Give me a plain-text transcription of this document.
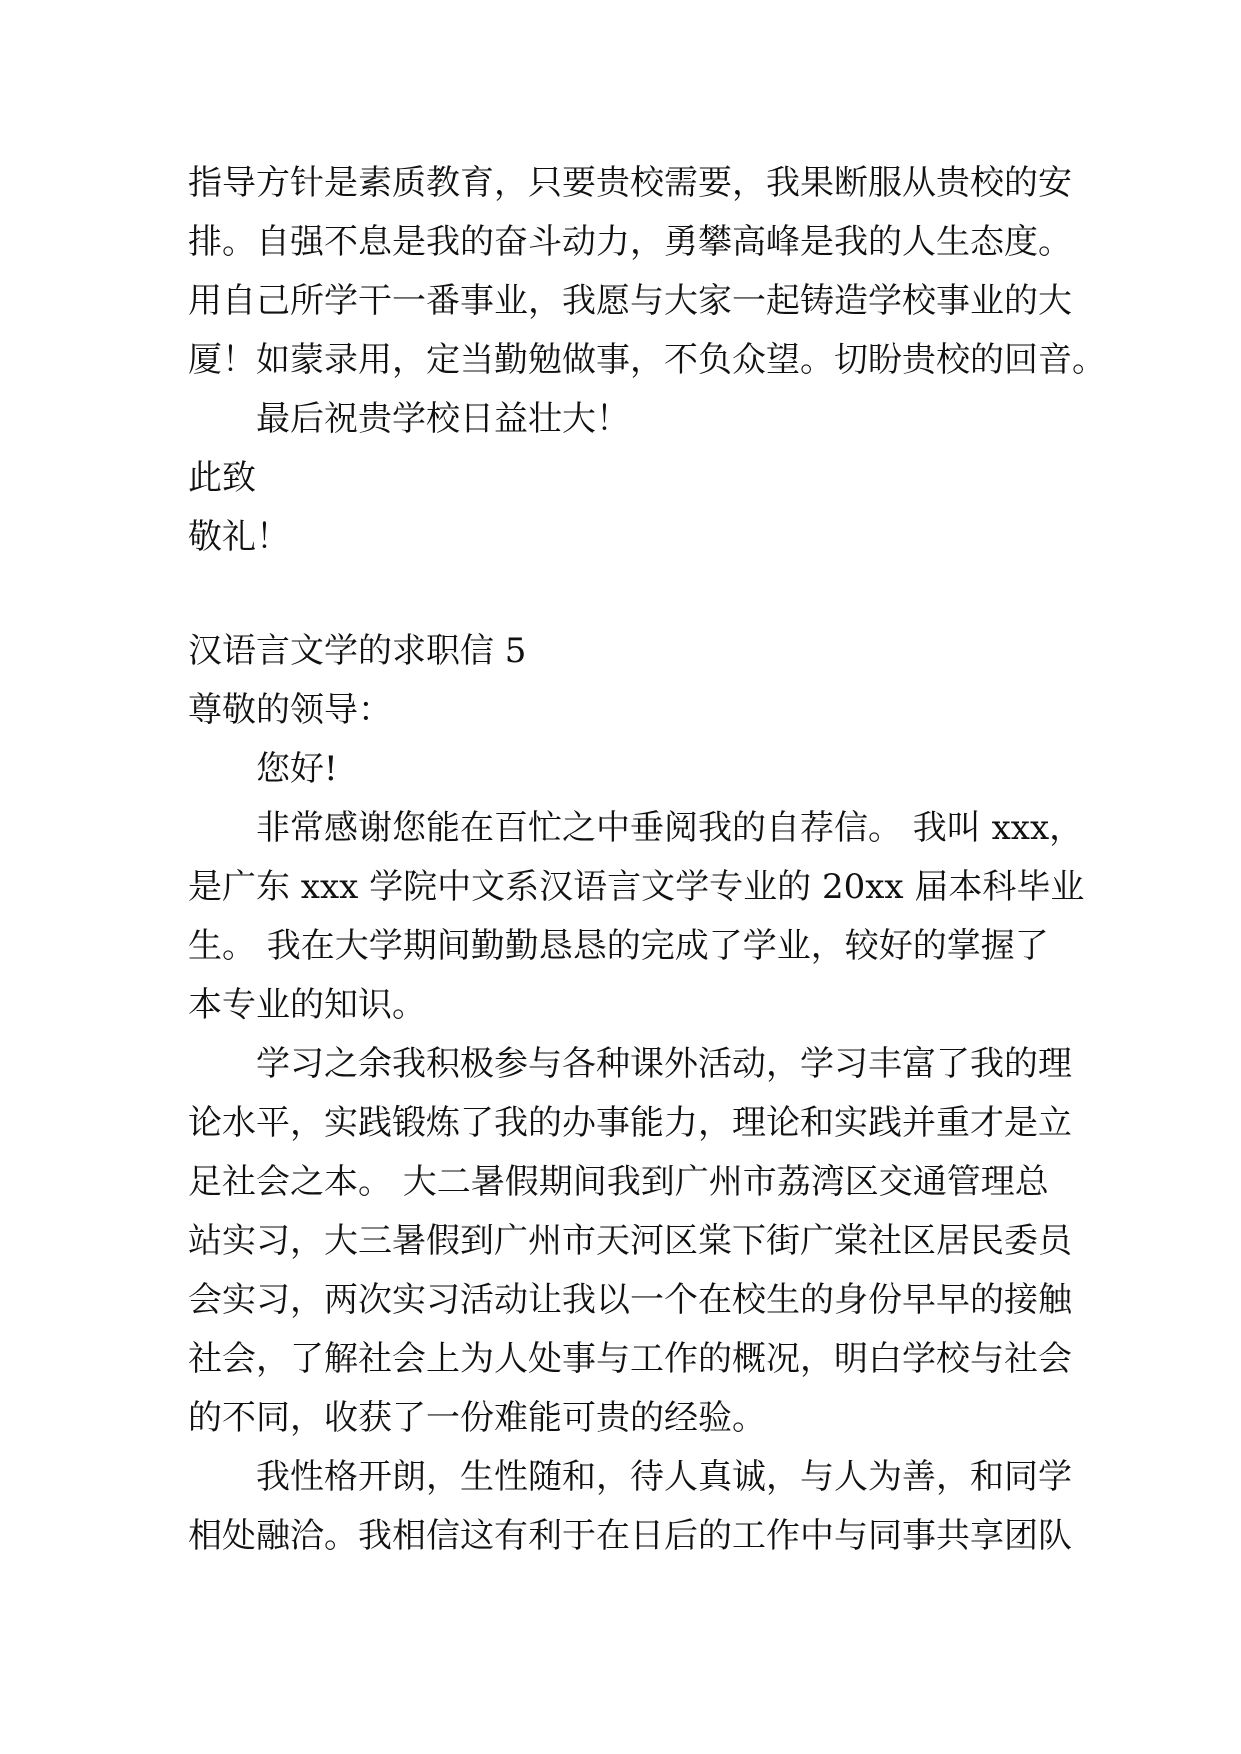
指导方针是素质教育，只要贵校需要，我果断服从贵校的安

排。自强不息是我的奋斗动力，勇攀高峰是我的人生态度。

用自己所学干一番事业，我愿与大家一起铸造学校事业的大

厦！如蒙录用，定当勤勉做事，不负众望。切盼贵校的回音。

最后祝贵学校日益壮大！

此致

敬礼！

汉语言文学的求职信 5

尊敬的领导：

您好!

非常感谢您能在百忙之中垂阅我的自荐信。 我叫 xxx，

是广东 xxx 学院中文系汉语言文学专业的 20xx 届本科毕业

生。 我在大学期间勤勤恳恳的完成了学业，较好的掌握了

本专业的知识。

学习之余我积极参与各种课外活动，学习丰富了我的理

论水平，实践锻炼了我的办事能力，理论和实践并重才是立

足社会之本。 大二暑假期间我到广州市荔湾区交通管理总

站实习，大三暑假到广州市天河区棠下街广棠社区居民委员

会实习，两次实习活动让我以一个在校生的身份早早的接触

社会，了解社会上为人处事与工作的概况，明白学校与社会

的不同，收获了一份难能可贵的经验。

我性格开朗，生性随和，待人真诚，与人为善，和同学

相处融洽。我相信这有利于在日后的工作中与同事共享团队
